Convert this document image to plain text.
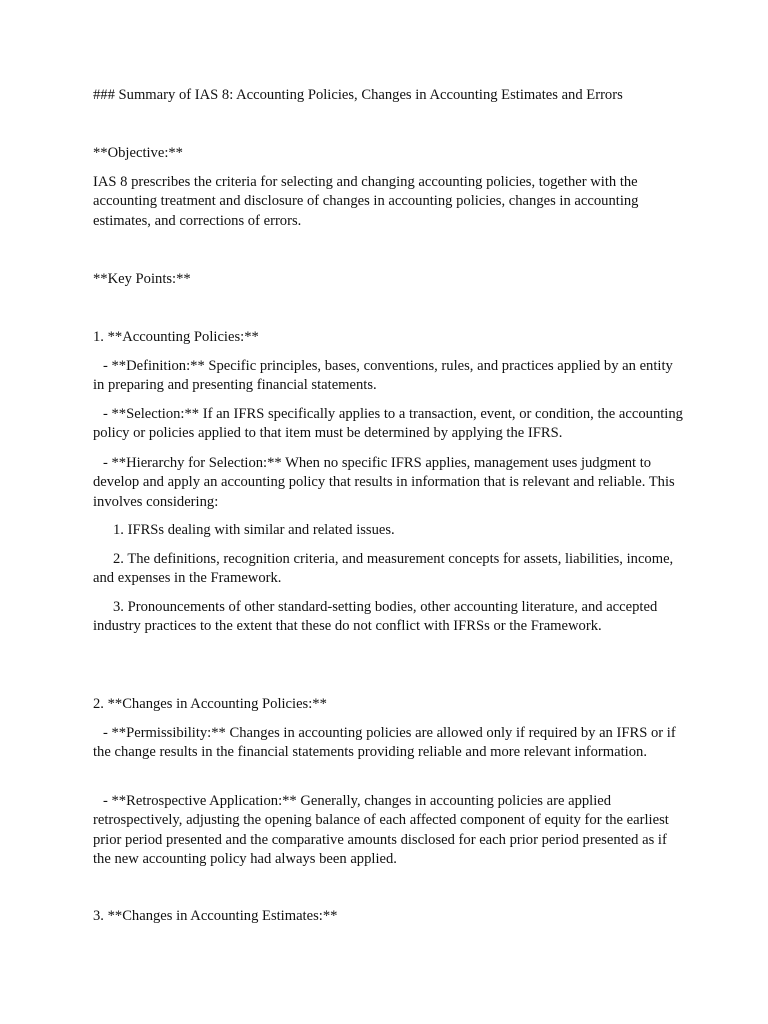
### Summary of IAS 8: Accounting Policies, Changes in Accounting Estimates and Errors

**Objective:**

IAS 8 prescribes the criteria for selecting and changing accounting policies, together with the accounting treatment and disclosure of changes in accounting policies, changes in accounting estimates, and corrections of errors.

**Key Points:**

1. **Accounting Policies:**

- **Definition:** Specific principles, bases, conventions, rules, and practices applied by an entity in preparing and presenting financial statements.

- **Selection:** If an IFRS specifically applies to a transaction, event, or condition, the accounting policy or policies applied to that item must be determined by applying the IFRS.

- **Hierarchy for Selection:** When no specific IFRS applies, management uses judgment to develop and apply an accounting policy that results in information that is relevant and reliable. This involves considering:

1. IFRSs dealing with similar and related issues.

2. The definitions, recognition criteria, and measurement concepts for assets, liabilities, income, and expenses in the Framework.

3. Pronouncements of other standard-setting bodies, other accounting literature, and accepted industry practices to the extent that these do not conflict with IFRSs or the Framework.

2. **Changes in Accounting Policies:**

- **Permissibility:** Changes in accounting policies are allowed only if required by an IFRS or if the change results in the financial statements providing reliable and more relevant information.

- **Retrospective Application:** Generally, changes in accounting policies are applied retrospectively, adjusting the opening balance of each affected component of equity for the earliest prior period presented and the comparative amounts disclosed for each prior period presented as if the new accounting policy had always been applied.

3. **Changes in Accounting Estimates:**
